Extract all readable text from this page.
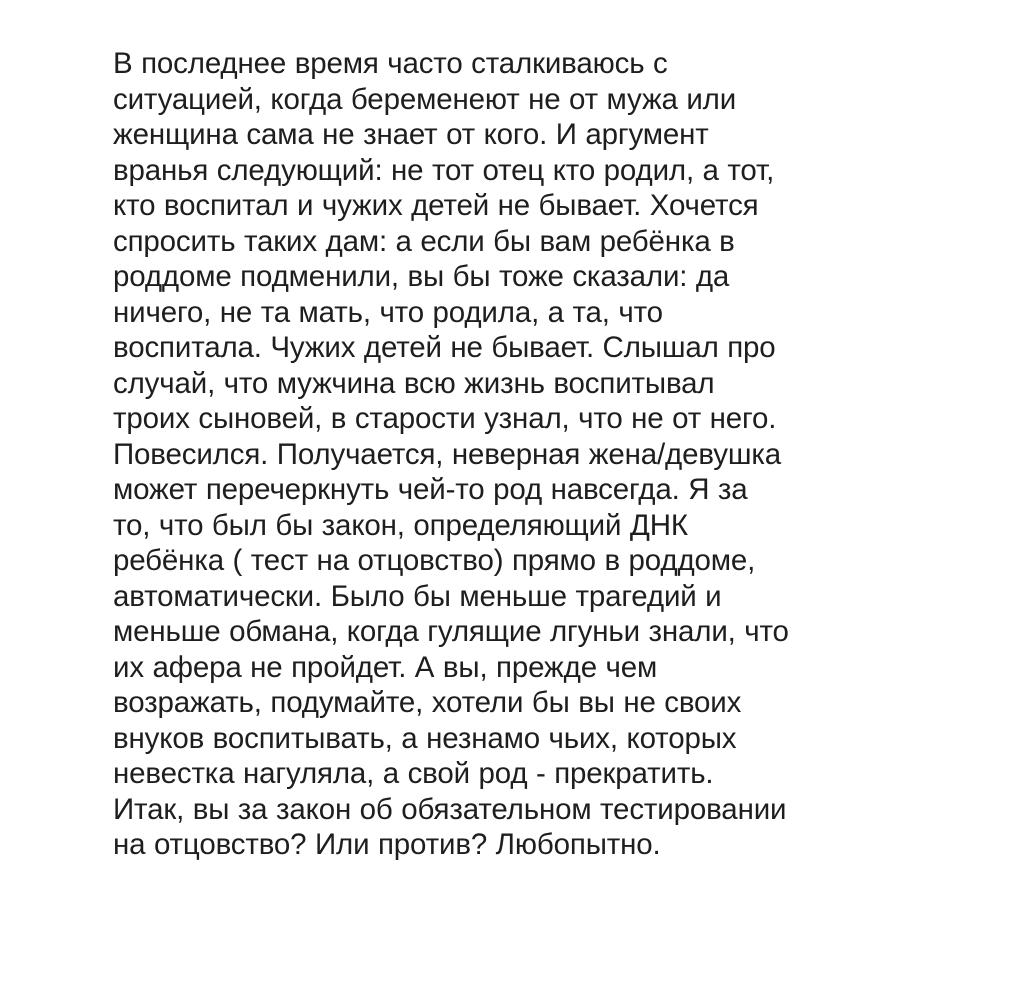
В последнее время часто сталкиваюсь с
ситуацией, когда беременеют не от мужа или
женщина сама не знает от кого. И аргумент
вранья следующий: не тот отец кто родил, а тот,
кто воспитал и чужих детей не бывает. Хочется
спросить таких дам: а если бы вам ребёнка в
роддоме подменили, вы бы тоже сказали: да
ничего, не та мать, что родила, а та, что
воспитала. Чужих детей не бывает. Слышал про
случай, что мужчина всю жизнь воспитывал
троих сыновей, в старости узнал, что не от него.
Повесился. Получается, неверная жена/девушка
может перечеркнуть чей-то род навсегда. Я за
то, что был бы закон, определяющий ДНК
ребёнка ( тест на отцовство) прямо в роддоме,
автоматически. Было бы меньше трагедий и
меньше обмана, когда гулящие лгуньи знали, что
их афера не пройдет. А вы, прежде чем
возражать, подумайте, хотели бы вы не своих
внуков воспитывать, а незнамо чьих, которых
невестка нагуляла, а свой род - прекратить.
Итак, вы за закон об обязательном тестировании
на отцовство? Или против? Любопытно.
